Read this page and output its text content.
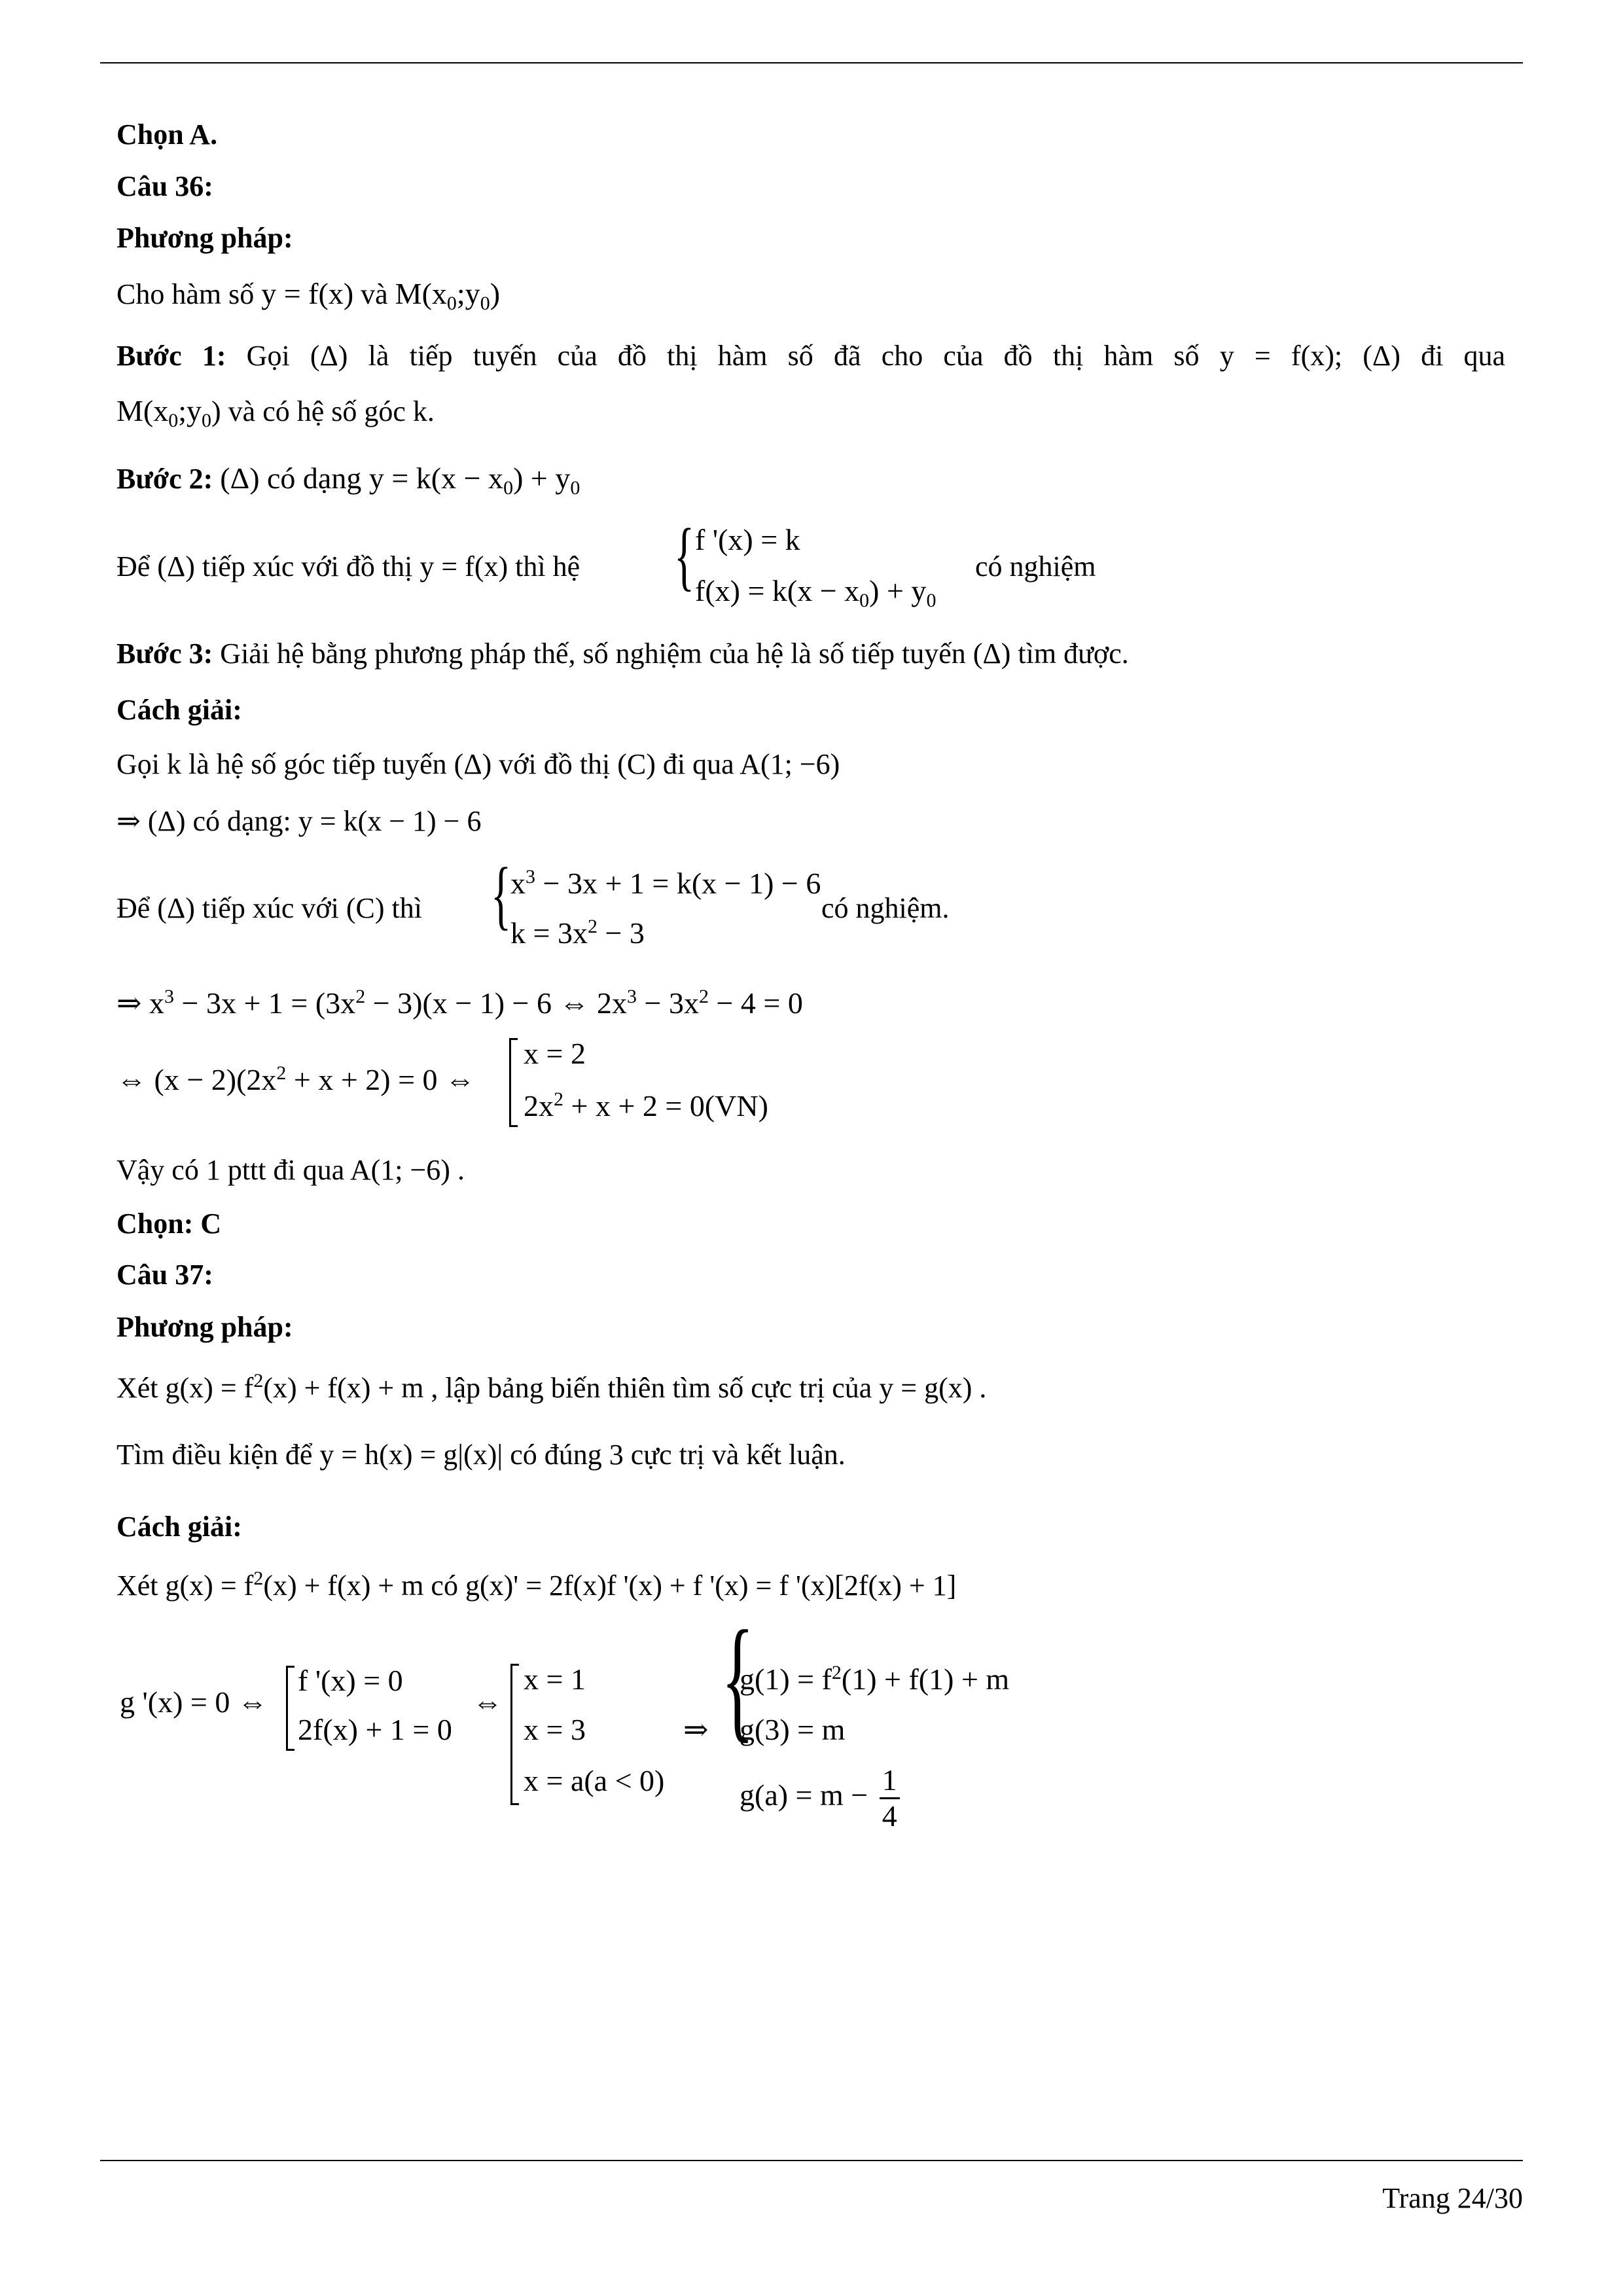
Chọn A.
Câu 36:
Phương pháp:
Cho hàm số y = f(x) và $M(x_0;y_0)$
Bước 1: Gọi (Δ) là tiếp tuyến của đồ thị hàm số đã cho của đồ thị hàm số y = f(x); (Δ) đi qua
$M(x_0;y_0)$ và có hệ số góc k.
Bước 2: (Δ) có dạng $y = k(x - x_0) + y_0$
Để (Δ) tiếp xúc với đồ thị y = f(x) thì hệ { f '(x) = k
$f(x) = k(x - x_0) + y_0$
có nghiệm
Bước 3: Giải hệ bằng phương pháp thế, số nghiệm của hệ là số tiếp tuyến (Δ) tìm được.
Cách giải:
Gọi k là hệ số góc tiếp tuyến (Δ) với đồ thị (C) đi qua A(1; −6)
⇒ (Δ) có dạng: y = k(x − 1) − 6
Để (Δ) tiếp xúc với (C) thì {
$x^3 - 3x + 1 = k(x - 1) - 6$
$k = 3x^2 - 3$
có nghiệm.
⇒ $x^3 - 3x + 1 = (3x^2 - 3)(x - 1) - 6$ ⇔ $2x^3 - 3x^2 - 4 = 0$
⇔ $(x - 2)(2x^2 + x + 2) = 0$ ⇔
x = 2
$2x^2 + x + 2 = 0(VN)$
Vậy có 1 pttt đi qua A(1; −6) .
Chọn: C
Câu 37:
Phương pháp:
Xét $g(x) = f^2(x) + f(x) + m$ , lập bảng biến thiên tìm số cực trị của y = g(x) .
Tìm điều kiện để y = h(x) = g|(x)| có đúng 3 cực trị và kết luận.
Cách giải:
Xét $g(x) = f^2(x) + f(x) + m$ có g(x)' = 2f(x)f '(x) + f '(x) = f '(x)[2f(x) + 1]
g '(x) = 0 ⇔
f '(x) = 0
2f(x) + 1 = 0
⇔
x = 1
x = 3
x = a(a < 0)
⇒ {
$g(1) = f^2(1) + f(1) + m$
g(3) = m
$g(a) = m - \frac{1}{4}$
Trang 24/30
